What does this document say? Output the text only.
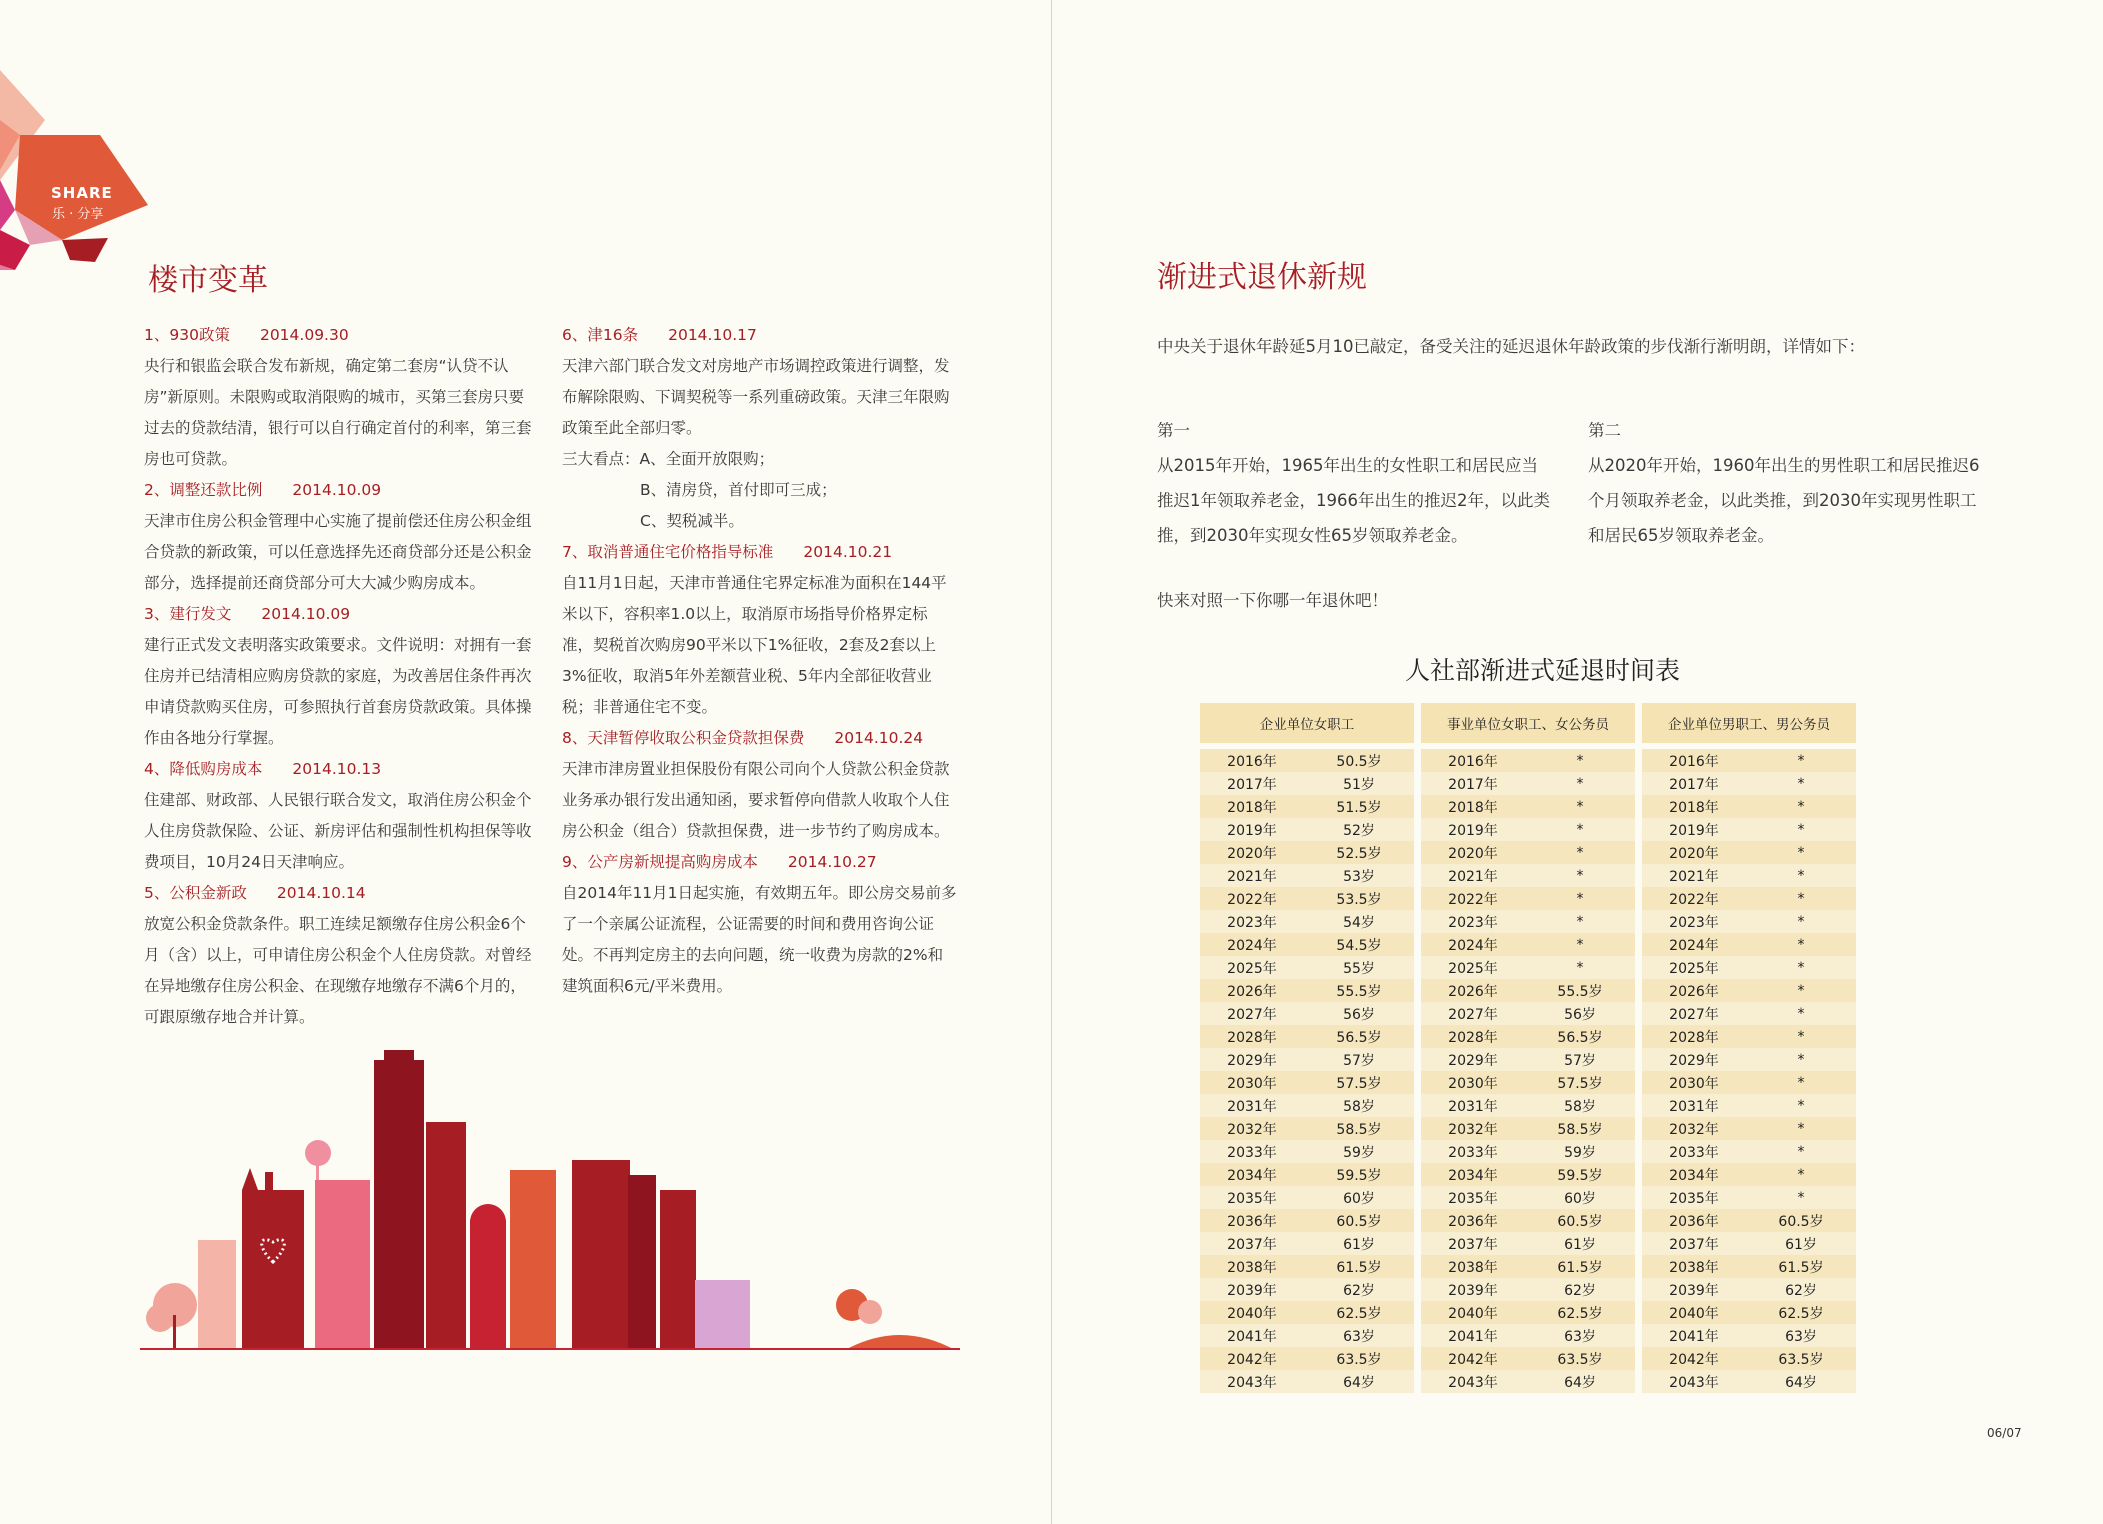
SHARE
乐 · 分享
楼市变革

1、930政策 2014.09.30

央行和银监会联合发布新规，确定第二套房“认贷不认

房”新原则。未限购或取消限购的城市，买第三套房只要

过去的贷款结清，银行可以自行确定首付的利率，第三套

房也可贷款。

2、调整还款比例 2014.10.09

天津市住房公积金管理中心实施了提前偿还住房公积金组

合贷款的新政策，可以任意选择先还商贷部分还是公积金

部分，选择提前还商贷部分可大大减少购房成本。

3、建行发文 2014.10.09

建行正式发文表明落实政策要求。文件说明：对拥有一套

住房并已结清相应购房贷款的家庭，为改善居住条件再次

申请贷款购买住房，可参照执行首套房贷款政策。具体操

作由各地分行掌握。

4、降低购房成本 2014.10.13

住建部、财政部、人民银行联合发文，取消住房公积金个

人住房贷款保险、公证、新房评估和强制性机构担保等收

费项目，10月24日天津响应。

5、公积金新政 2014.10.14

放宽公积金贷款条件。职工连续足额缴存住房公积金6个

月（含）以上，可申请住房公积金个人住房贷款。对曾经

在异地缴存住房公积金、在现缴存地缴存不满6个月的，

可跟原缴存地合并计算。

6、津16条 2014.10.17

天津六部门联合发文对房地产市场调控政策进行调整，发

布解除限购、下调契税等一系列重磅政策。天津三年限购

政策至此全部归零。

三大看点：A、全面开放限购；

B、清房贷，首付即可三成；

C、契税减半。

7、取消普通住宅价格指导标准 2014.10.21

自11月1日起，天津市普通住宅界定标准为面积在144平

米以下，容积率1.0以上，取消原市场指导价格界定标

准，契税首次购房90平米以下1%征收，2套及2套以上

3%征收，取消5年外差额营业税、5年内全部征收营业

税；非普通住宅不变。

8、天津暂停收取公积金贷款担保费 2014.10.24

天津市津房置业担保股份有限公司向个人贷款公积金贷款

业务承办银行发出通知函，要求暂停向借款人收取个人住

房公积金（组合）贷款担保费，进一步节约了购房成本。

9、公产房新规提高购房成本 2014.10.27

自2014年11月1日起实施，有效期五年。即公房交易前多

了一个亲属公证流程，公证需要的时间和费用咨询公证

处。不再判定房主的去向问题，统一收费为房款的2%和

建筑面积6元/平米费用。

渐进式退休新规
中央关于退休年龄延5月10已敲定，备受关注的延迟退休年龄政策的步伐渐行渐明朗，详情如下：

第一

从2015年开始，1965年出生的女性职工和居民应当

推迟1年领取养老金，1966年出生的推迟2年，以此类

推，到2030年实现女性65岁领取养老金。

第二

从2020年开始，1960年出生的男性职工和居民推迟6

个月领取养老金，以此类推，到2030年实现男性职工

和居民65岁领取养老金。

快来对照一下你哪一年退休吧！
人社部渐进式延退时间表
企业单位女职工			事业单位女职工、女公务员			企业单位男职工、男公务员	

2016年	50.5岁		2016年	*		2016年	*
2017年	51岁		2017年	*		2017年	*
2018年	51.5岁		2018年	*		2018年	*
2019年	52岁		2019年	*		2019年	*
2020年	52.5岁		2020年	*		2020年	*
2021年	53岁		2021年	*		2021年	*
2022年	53.5岁		2022年	*		2022年	*
2023年	54岁		2023年	*		2023年	*
2024年	54.5岁		2024年	*		2024年	*
2025年	55岁		2025年	*		2025年	*
2026年	55.5岁		2026年	55.5岁		2026年	*
2027年	56岁		2027年	56岁		2027年	*
2028年	56.5岁		2028年	56.5岁		2028年	*
2029年	57岁		2029年	57岁		2029年	*
2030年	57.5岁		2030年	57.5岁		2030年	*
2031年	58岁		2031年	58岁		2031年	*
2032年	58.5岁		2032年	58.5岁		2032年	*
2033年	59岁		2033年	59岁		2033年	*
2034年	59.5岁		2034年	59.5岁		2034年	*
2035年	60岁		2035年	60岁		2035年	*
2036年	60.5岁		2036年	60.5岁		2036年	60.5岁
2037年	61岁		2037年	61岁		2037年	61岁
2038年	61.5岁		2038年	61.5岁		2038年	61.5岁
2039年	62岁		2039年	62岁		2039年	62岁
2040年	62.5岁		2040年	62.5岁		2040年	62.5岁
2041年	63岁		2041年	63岁		2041年	63岁
2042年	63.5岁		2042年	63.5岁		2042年	63.5岁
2043年	64岁		2043年	64岁		2043年	64岁
06/07
